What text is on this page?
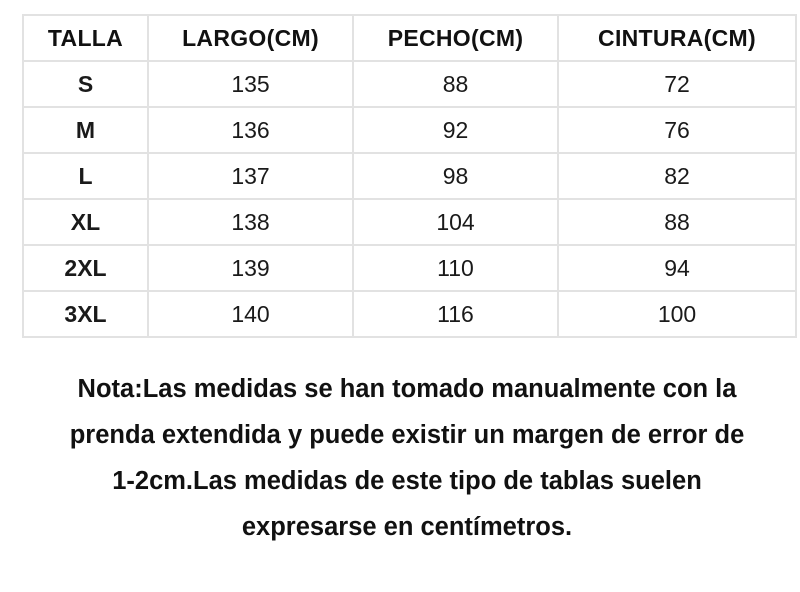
TALLA	LARGO(CM)	PECHO(CM)	CINTURA(CM)
S	135	88	72
M	136	92	76
L	137	98	82
XL	138	104	88
2XL	139	110	94
3XL	140	116	100
Nota:Las medidas se han tomado manualmente con la
prenda extendida y puede existir un margen de error de
1-2cm.Las medidas de este tipo de tablas suelen
expresarse en centímetros.
